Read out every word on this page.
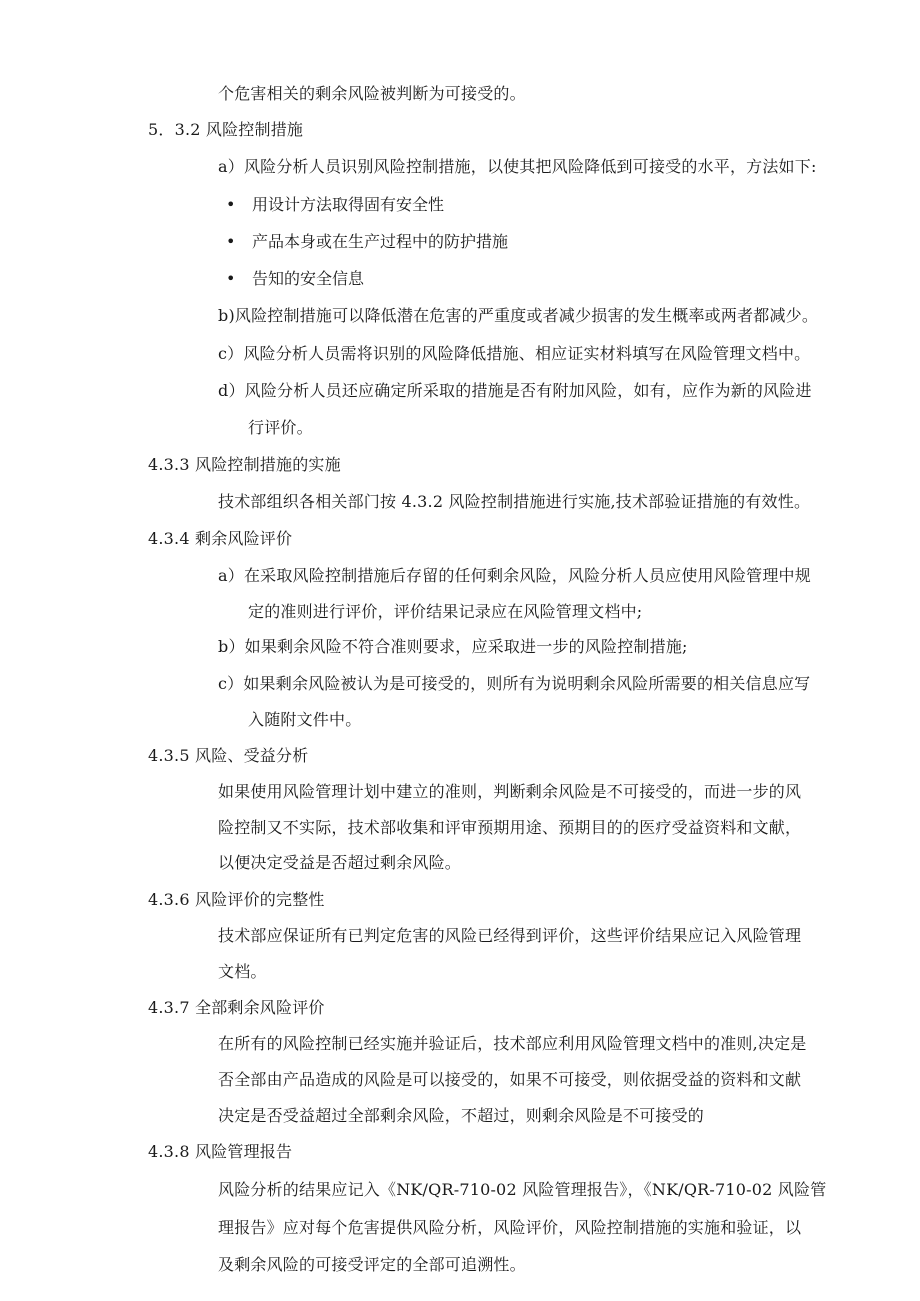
个危害相关的剩余风险被判断为可接受的。
5．3.2 风险控制措施
a）风险分析人员识别风险控制措施，以使其把风险降低到可接受的水平，方法如下:
• 用设计方法取得固有安全性
• 产品本身或在生产过程中的防护措施
• 告知的安全信息
b)风险控制措施可以降低潜在危害的严重度或者减少损害的发生概率或两者都减少。
c）风险分析人员需将识别的风险降低措施、相应证实材料填写在风险管理文档中。
d）风险分析人员还应确定所采取的措施是否有附加风险，如有，应作为新的风险进
行评价。
4.3.3 风险控制措施的实施
技术部组织各相关部门按 4.3.2 风险控制措施进行实施,技术部验证措施的有效性。
4.3.4 剩余风险评价
a）在采取风险控制措施后存留的任何剩余风险，风险分析人员应使用风险管理中规
定的准则进行评价，评价结果记录应在风险管理文档中;
b）如果剩余风险不符合准则要求，应采取进一步的风险控制措施;
c）如果剩余风险被认为是可接受的，则所有为说明剩余风险所需要的相关信息应写
入随附文件中。
4.3.5 风险、受益分析
如果使用风险管理计划中建立的准则，判断剩余风险是不可接受的，而进一步的风
险控制又不实际，技术部收集和评审预期用途、预期目的的医疗受益资料和文献，
以便决定受益是否超过剩余风险。
4.3.6 风险评价的完整性
技术部应保证所有已判定危害的风险已经得到评价，这些评价结果应记入风险管理
文档。
4.3.7 全部剩余风险评价
在所有的风险控制已经实施并验证后，技术部应利用风险管理文档中的准则,决定是
否全部由产品造成的风险是可以接受的，如果不可接受，则依据受益的资料和文献
决定是否受益超过全部剩余风险，不超过，则剩余风险是不可接受的
4.3.8 风险管理报告
风险分析的结果应记入《NK/QR-710-02 风险管理报告》，《NK/QR-710-02 风险管
理报告》应对每个危害提供风险分析，风险评价，风险控制措施的实施和验证，以
及剩余风险的可接受评定的全部可追溯性。
